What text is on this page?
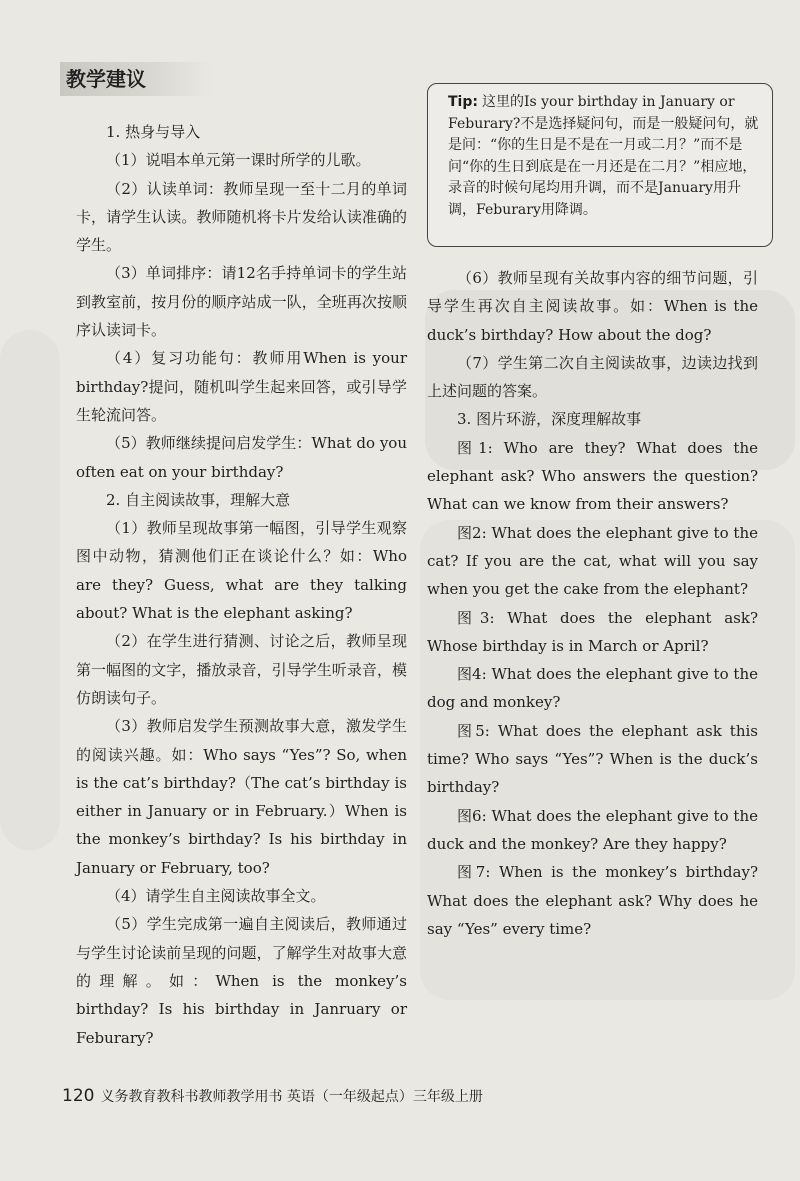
教学建议
Tip: 这里的Is your birthday in January or Feburary?不是选择疑问句，而是一般疑问句，就是问：“你的生日是不是在一月或二月？”而不是问“你的生日到底是在一月还是在二月？”相应地，录音的时候句尾均用升调，而不是January用升调，Feburary用降调。

1. 热身与导入

（1）说唱本单元第一课时所学的儿歌。

（2）认读单词：教师呈现一至十二月的单词卡，请学生认读。教师随机将卡片发给认读准确的学生。

（3）单词排序：请12名手持单词卡的学生站到教室前，按月份的顺序站成一队，全班再次按顺序认读词卡。

（4）复习功能句：教师用When is your birthday?提问，随机叫学生起来回答，或引导学生轮流问答。

（5）教师继续提问启发学生：What do you often eat on your birthday?

2. 自主阅读故事，理解大意

（1）教师呈现故事第一幅图，引导学生观察图中动物，猜测他们正在谈论什么？如：Who are they? Guess, what are they talking about? What is the elephant asking?

（2）在学生进行猜测、讨论之后，教师呈现第一幅图的文字，播放录音，引导学生听录音，模仿朗读句子。

（3）教师启发学生预测故事大意，激发学生的阅读兴趣。如：Who says “Yes”? So, when is the cat’s birthday?（The cat’s birthday is either in January or in February.）When is the monkey’s birthday? Is his birthday in January or February, too?

（4）请学生自主阅读故事全文。

（5）学生完成第一遍自主阅读后，教师通过与学生讨论读前呈现的问题，了解学生对故事大意的理解。如：When is the monkey’s birthday? Is his birthday in Janruary or Feburary?

（6）教师呈现有关故事内容的细节问题，引导学生再次自主阅读故事。如：When is the duck’s birthday? How about the dog?

（7）学生第二次自主阅读故事，边读边找到上述问题的答案。

3. 图片环游，深度理解故事

图1: Who are they? What does the elephant ask? Who answers the question? What can we know from their answers?

图2: What does the elephant give to the cat? If you are the cat, what will you say when you get the cake from the elephant?

图3: What does the elephant ask? Whose birthday is in March or April?

图4: What does the elephant give to the dog and monkey?

图5: What does the elephant ask this time? Who says “Yes”? When is the duck’s birthday?

图6: What does the elephant give to the duck and the monkey? Are they happy?

图7: When is the monkey’s birthday? What does the elephant ask? Why does he say “Yes” every time?

120 义务教育教科书教师教学用书 英语（一年级起点）三年级上册
